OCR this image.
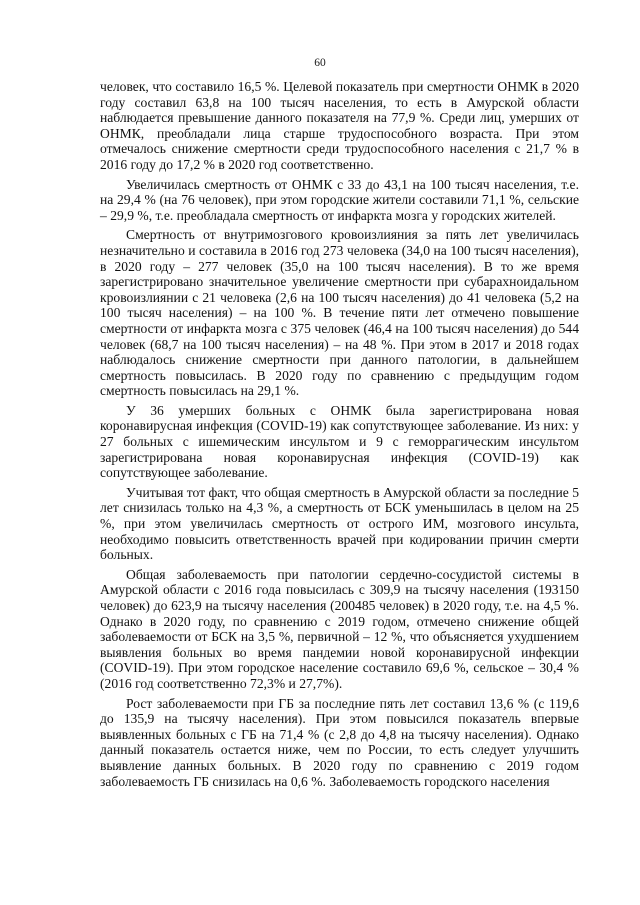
60

человек, что составило 16,5 %. Целевой показатель при смертности ОНМК в 2020 году составил 63,8 на 100 тысяч населения, то есть в Амурской области наблюдается превышение данного показателя на 77,9 %. Среди лиц, умерших от ОНМК, преобладали лица старше трудоспособного возраста. При этом отмечалось снижение смертности среди трудоспособного населения с 21,7 % в 2016 году до 17,2 % в 2020 год соответственно.

Увеличилась смертность от ОНМК с 33 до 43,1 на 100 тысяч населения, т.е. на 29,4 % (на 76 человек), при этом городские жители составили 71,1 %, сельские – 29,9 %, т.е. преобладала смертность от инфаркта мозга у городских жителей.

Смертность от внутримозгового кровоизлияния за пять лет увеличилась незначительно и составила в 2016 год 273 человека (34,0 на 100 тысяч населения), в 2020 году – 277 человек (35,0 на 100 тысяч населения). В то же время зарегистрировано значительное увеличение смертности при субарахноидальном кровоизлиянии с 21 человека (2,6 на 100 тысяч населения) до 41 человека (5,2 на 100 тысяч населения) – на 100 %. В течение пяти лет отмечено повышение смертности от инфаркта мозга с 375 человек (46,4 на 100 тысяч населения) до 544 человек (68,7 на 100 тысяч населения) – на 48 %. При этом в 2017 и 2018 годах наблюдалось снижение смертности при данного патологии, в дальнейшем смертность повысилась. В 2020 году по сравнению с предыдущим годом смертность повысилась на 29,1 %.

У 36 умерших больных с ОНМК была зарегистрирована новая коронавирусная инфекция (COVID-19) как сопутствующее заболевание. Из них: у 27 больных с ишемическим инсультом и 9 с геморрагическим инсультом зарегистрирована новая коронавирусная инфекция (COVID-19) как сопутствующее заболевание.

Учитывая тот факт, что общая смертность в Амурской области за последние 5 лет снизилась только на 4,3 %, а смертность от БСК уменьшилась в целом на 25 %, при этом увеличилась смертность от острого ИМ, мозгового инсульта, необходимо повысить ответственность врачей при кодировании причин смерти больных.

Общая заболеваемость при патологии сердечно-сосудистой системы в Амурской области с 2016 года повысилась с 309,9 на тысячу населения (193150 человек) до 623,9 на тысячу населения (200485 человек) в 2020 году, т.е. на 4,5 %. Однако в 2020 году, по сравнению с 2019 годом, отмечено снижение общей заболеваемости от БСК на 3,5 %, первичной – 12 %, что объясняется ухудшением выявления больных во время пандемии новой коронавирусной инфекции (COVID-19). При этом городское население составило 69,6 %, сельское – 30,4 % (2016 год соответственно 72,3% и 27,7%).

Рост заболеваемости при ГБ за последние пять лет составил 13,6 % (с 119,6 до 135,9 на тысячу населения). При этом повысился показатель впервые выявленных больных с ГБ на 71,4 % (с 2,8 до 4,8 на тысячу населения). Однако данный показатель остается ниже, чем по России, то есть следует улучшить выявление данных больных. В 2020 году по сравнению с 2019 годом заболеваемость ГБ снизилась на 0,6 %. Заболеваемость городского населения
